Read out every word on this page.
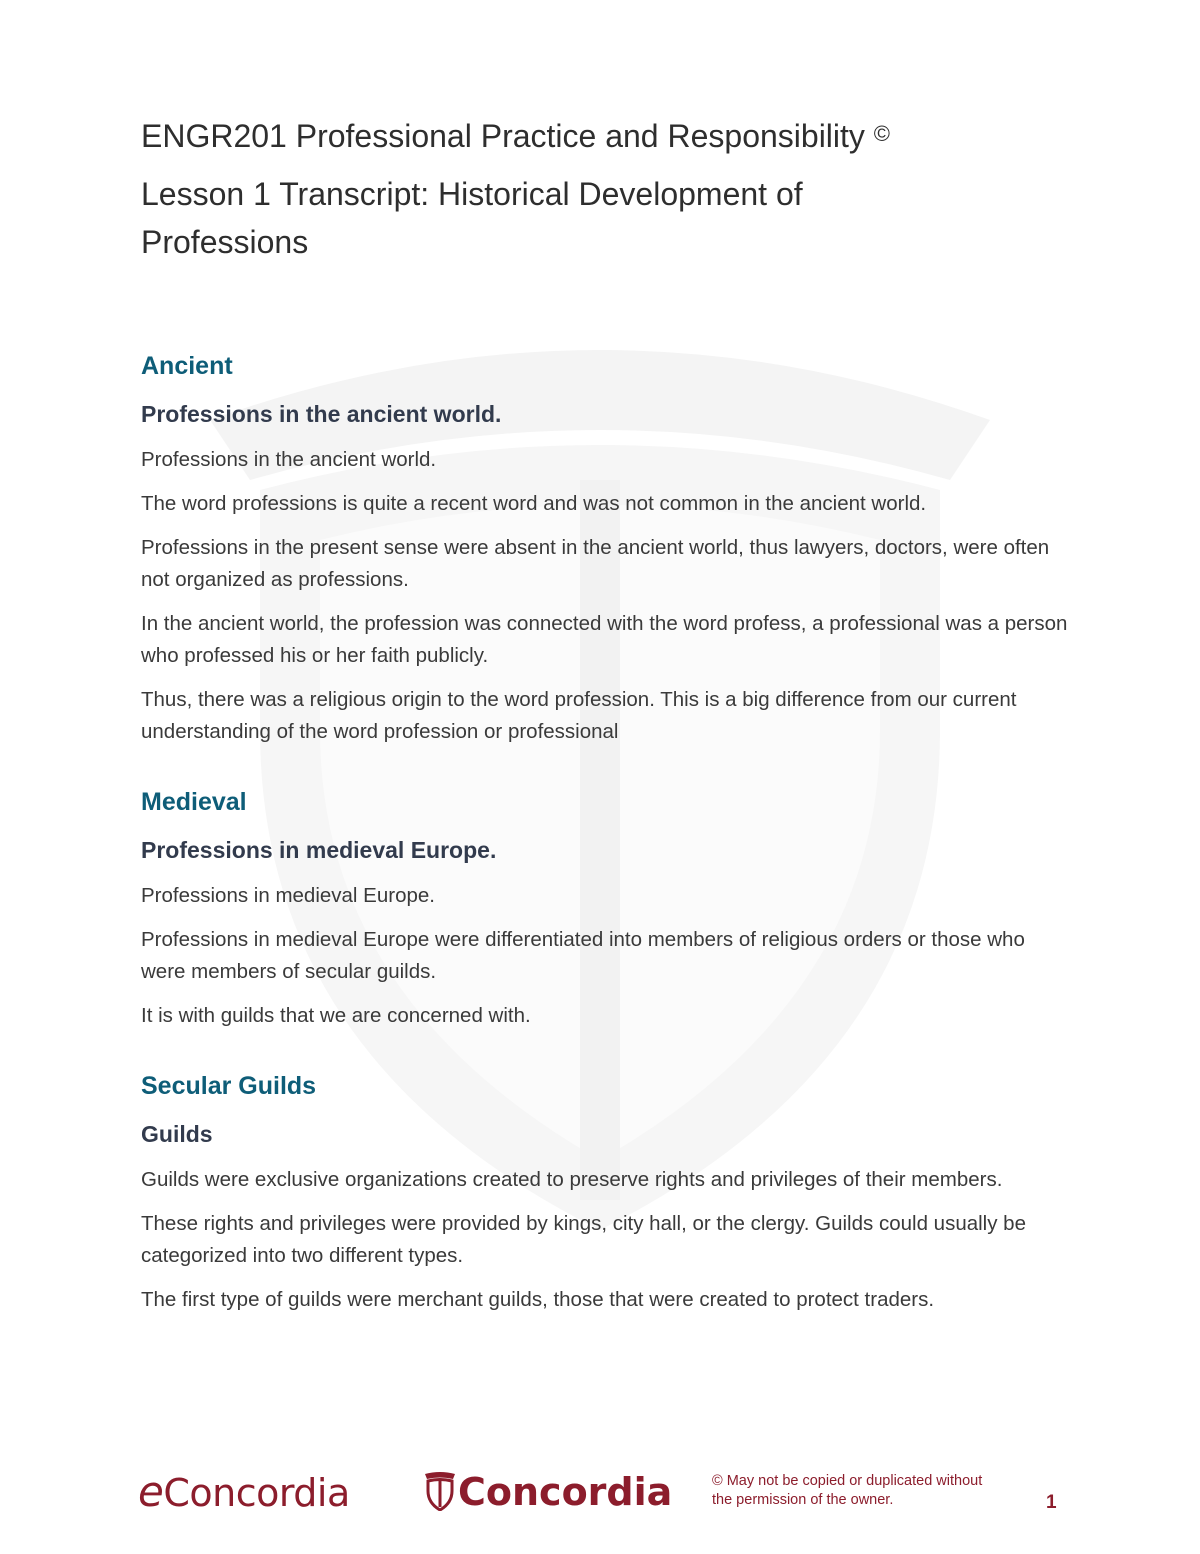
ENGR201 Professional Practice and Responsibility ©
Lesson 1 Transcript: Historical Development of Professions
Ancient
Professions in the ancient world.

Professions in the ancient world.

The word professions is quite a recent word and was not common in the ancient world.

Professions in the present sense were absent in the ancient world, thus lawyers, doctors, were often not organized as professions.

In the ancient world, the profession was connected with the word profess, a professional was a person who professed his or her faith publicly.

Thus, there was a religious origin to the word profession. This is a big difference from our current understanding of the word profession or professional

Medieval
Professions in medieval Europe.

Professions in medieval Europe.

Professions in medieval Europe were differentiated into members of religious orders or those who were members of secular guilds.

It is with guilds that we are concerned with.

Secular Guilds
Guilds

Guilds were exclusive organizations created to preserve rights and privileges of their members.

These rights and privileges were provided by kings, city hall, or the clergy. Guilds could usually be categorized into two different types.

The first type of guilds were merchant guilds, those that were created to protect traders.

eConcordia	Concordia	© May not be copied or duplicated without the permission of the owner.	1
